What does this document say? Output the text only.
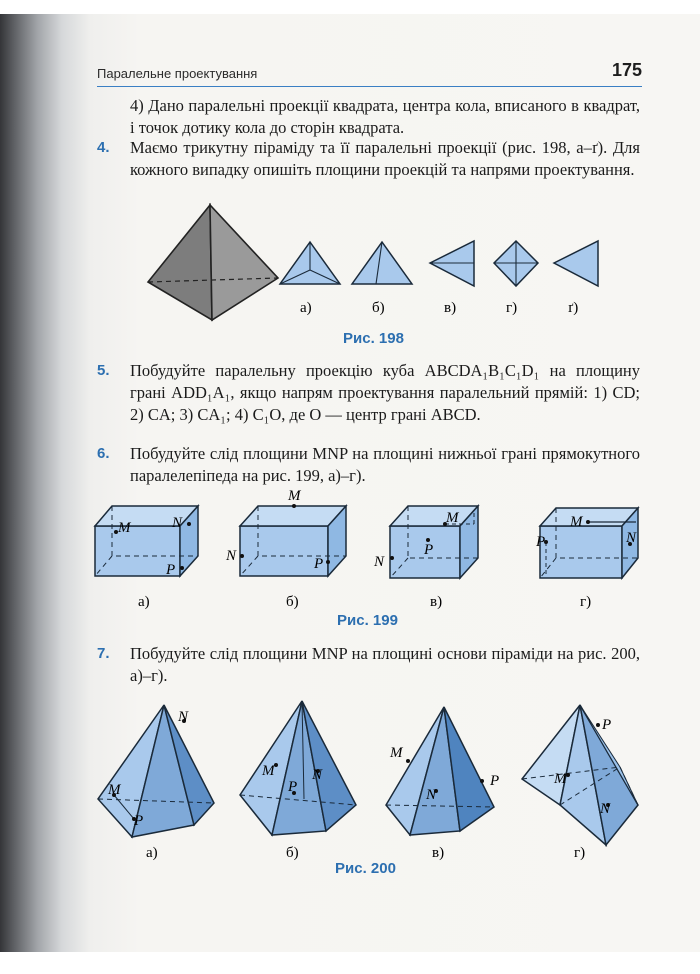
Паралельне проектування	175
4) Дано паралельні проекції квадрата, центра кола, вписаного в квадрат, і точок дотику кола до сторін квадрата.
4.	Маємо трикутну піраміду та її паралельні проекції (рис. 198, а–ґ). Для кожного випадку опишіть площини проекцій та напрями проектування.
а)	б)	в)	г)	ґ)
Рис. 198
5.	Побудуйте паралельну проекцію куба ABCDA₁B₁C₁D₁ на площину грані ADD₁A₁, якщо напрям проектування паралельний прямій: 1) CD; 2) CA; 3) CA₁; 4) C₁O, де O — центр грані ABCD.
6.	Побудуйте слід площини MNP на площині нижньої грані прямокутного паралелепіпеда на рис. 199, а)–г).
M	N
P
а)
M
N	P
б)
M
N
P
в)
M
P	N
г)
Рис. 199
7.	Побудуйте слід площини MNP на площині основи піраміди на рис. 200, а)–г).
N
M
P
а)
M
P
N
б)
M
N
P
в)
P
M
N
г)
Рис. 200
